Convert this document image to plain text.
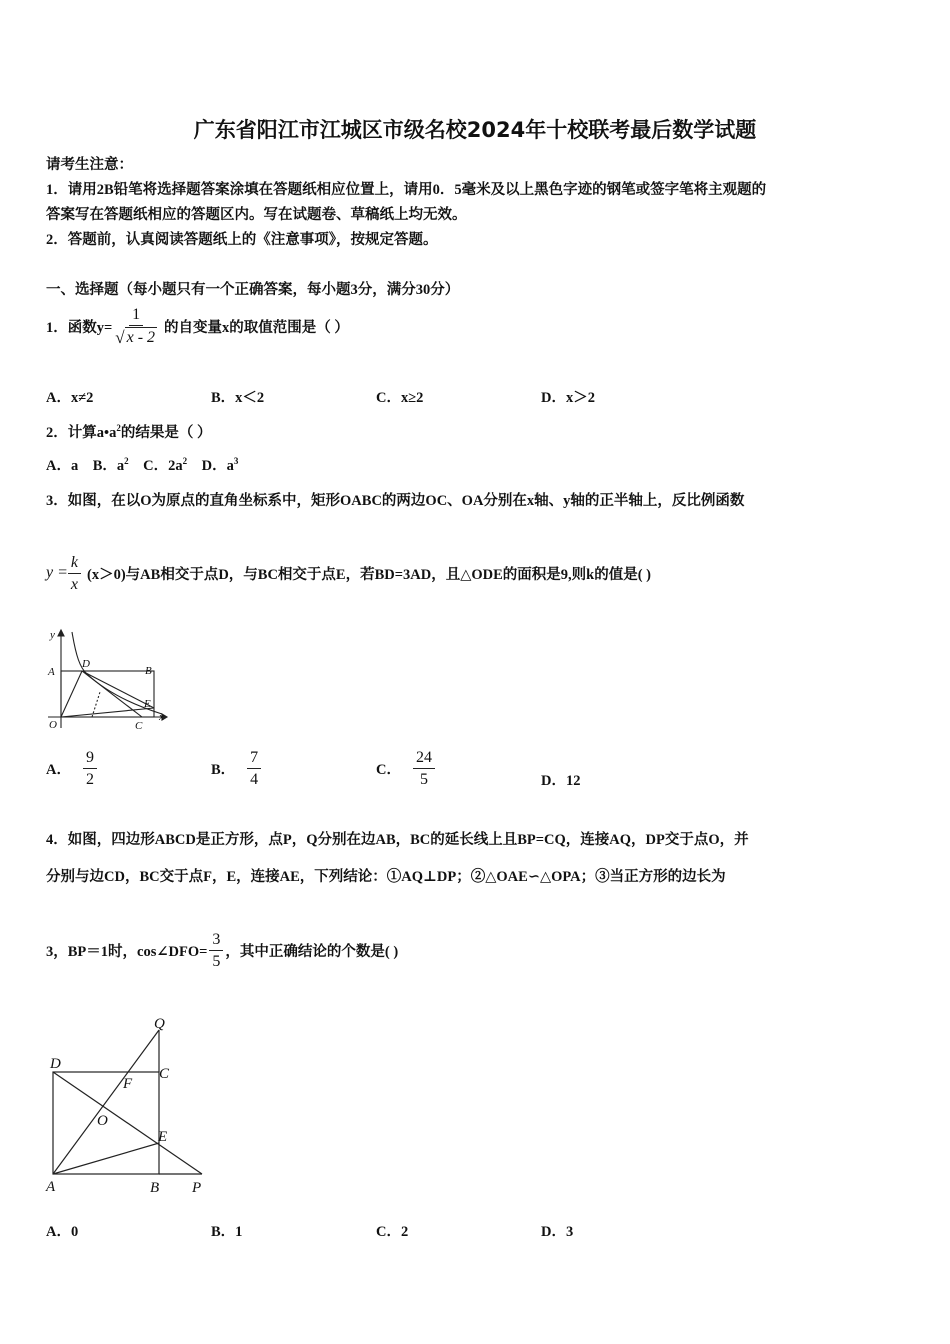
广东省阳江市江城区市级名校2024年十校联考最后数学试题
请考生注意：
1．请用2B铅笔将选择题答案涂填在答题纸相应位置上，请用0．5毫米及以上黑色字迹的钢笔或签字笔将主观题的
答案写在答题纸相应的答题区内。写在试题卷、草稿纸上均无效。
2．答题前，认真阅读答题纸上的《注意事项》，按规定答题。
一、选择题（每小题只有一个正确答案，每小题3分，满分30分）
1．函数$y= \frac{1}{√ x - 2}$ 的自变量x的取值范围是（ ）
A．x≠2	B．x＜2	C．x≥2	D．x＞2
2．计算$a•a^2$的结果是（ ）
A．a B．$a^2$ C．$2a^2$ D．$a^3$
3．如图，在以O为原点的直角坐标系中，矩形OABC的两边OC、OA分别在x轴、y轴的正半轴上，反比例函数
$y = \frac{k}{x} (x>0)$与AB相交于点D，与BC相交于点E，若BD=3AD，且△ODE的面积是9,则k的值是( )
y
x
A
D
B
E
O	C
A． $\frac{9}{2}$	B． $\frac{7}{4}$	C． $\frac{24}{5}$	D．12
4．如图，四边形ABCD是正方形，点P，Q分别在边AB，BC的延长线上且BP=CQ，连接AQ，DP交于点O，并
分别与边CD，BC交于点F，E，连接AE，下列结论：①AQ⊥DP；②△OAE∽△OPA；③当正方形的边长为
3，BP＝1时，cos∠DFO= $\frac{3}{5}$ ，其中正确结论的个数是( )
Q
D
C
F
O
E
A	B P
A．0	B．1	C．2	D．3
